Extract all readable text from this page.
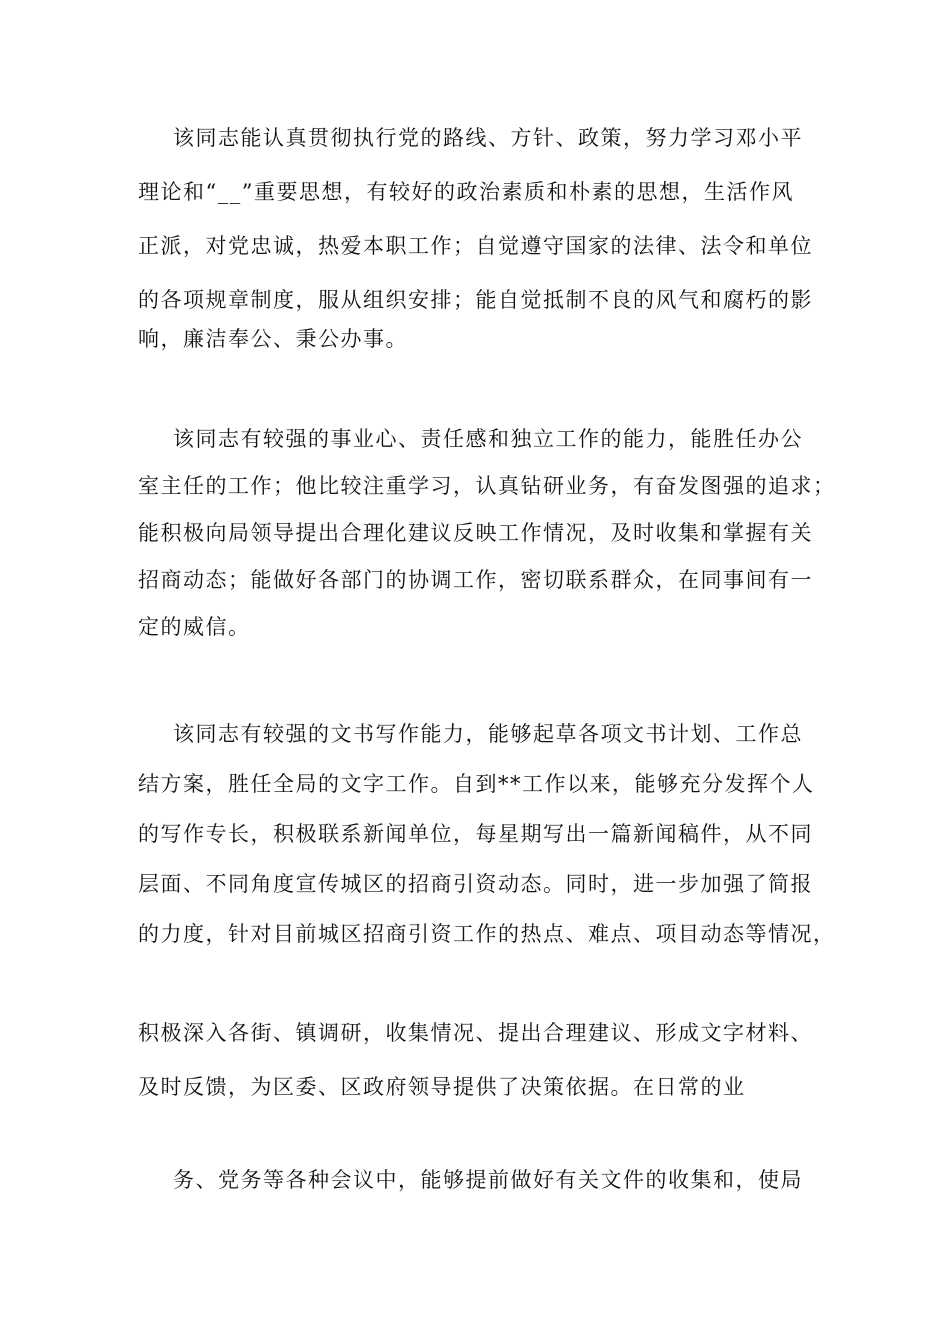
该同志能认真贯彻执行党的路线、方针、政策，努力学习邓小平
理论和“__”重要思想，有较好的政治素质和朴素的思想，生活作风
正派，对党忠诚，热爱本职工作；自觉遵守国家的法律、法令和单位
的各项规章制度，服从组织安排；能自觉抵制不良的风气和腐朽的影
响，廉洁奉公、秉公办事。
该同志有较强的事业心、责任感和独立工作的能力，能胜任办公
室主任的工作；他比较注重学习，认真钻研业务，有奋发图强的追求；
能积极向局领导提出合理化建议反映工作情况，及时收集和掌握有关
招商动态；能做好各部门的协调工作，密切联系群众，在同事间有一
定的威信。
该同志有较强的文书写作能力，能够起草各项文书计划、工作总
结方案，胜任全局的文字工作。自到**工作以来，能够充分发挥个人
的写作专长，积极联系新闻单位，每星期写出一篇新闻稿件，从不同
层面、不同角度宣传城区的招商引资动态。同时，进一步加强了简报
的力度，针对目前城区招商引资工作的热点、难点、项目动态等情况，
积极深入各街、镇调研，收集情况、提出合理建议、形成文字材料、
及时反馈，为区委、区政府领导提供了决策依据。在日常的业
务、党务等各种会议中，能够提前做好有关文件的收集和，使局
